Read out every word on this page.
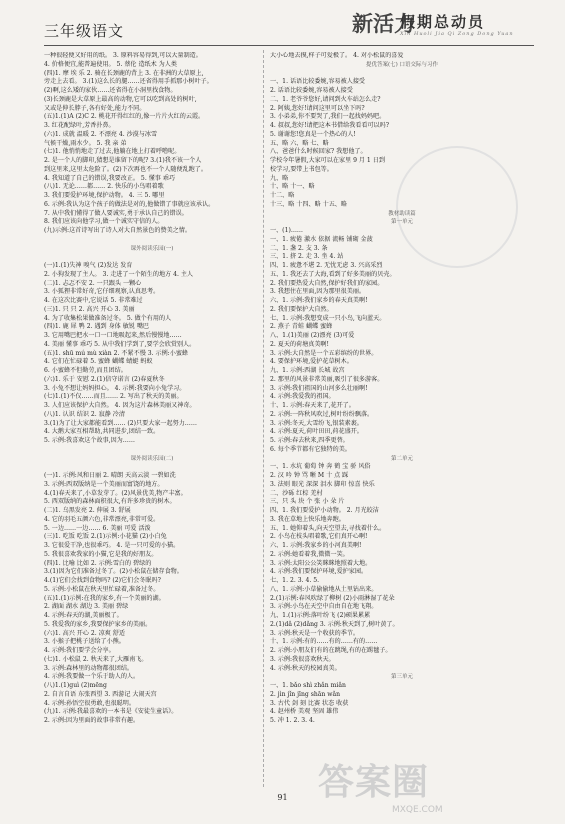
三年级语文	新活力
假期总动员
Xin Huoli Jia Qi Zong Dong Yuan
一种很轻便又好用的纸。 3. 原料容易得到,可以大量制造。
4. 价格便宜,能普遍使用。 5. 蔡伦 造纸术 为人类
(四)1. 摩 埃 乐 2. 骑在长颈鹿的背上 3. 在非洲的大草原上,
旁走上去看。 3.(1)这么长的腿……还省得用手抓那小树叶子。
(2)啊,这么矮的家伙……还省得在小洞里找食物。
(3)长颈鹿是大草原上最高的动物,它可以吃到高处的树叶,
又或是伸长脖子,各有好处,能力不同。
(五)1.(1)A (2)C 2. 桃花开得红红的,像一片片火红的云霞。
3. 红花配绿叶,芳香扑鼻。
(六)1. 成就 温暖 2. 不漂亮 4. 沙漠与冰雪
气候干燥,雨水少。 5. 我 亲 弟
(七)1. 他悄悄地走了过去,他躺在地上打着呼噜呢。
2. 是一个人的脚印,猜想是谁留下的呢? 3.(1)我不该一个人
到这里来,这里太危险了。(2)下次再也不一个人随便乱跑了。
4. 我知道了自己的错误,我要改正。 5. 懂事 乖巧
(八)1. 无论……都…… 2. 快乐的小鸟唱着歌
3. 我们要爱护环境,保护动物。 4. 三 5. 哪里
6. 示例:我认为这个孩子的做法是对的,他做错了事就应该承认。
7. 从中我们懂得了做人要诚实,勇于承认自己的错误。
8. 我们应该向他学习,做一个诚实守信的人。
(九)示例:这首诗写出了诗人对大自然景色的赞美之情。
课外阅读乐园(一)
(一)1.(1)失神 嗅气 (2)发达 发育
2. 小狗发现了主人。 3. 走进了一个陌生的地方 4. 主人
(二)1. 忐忑不安 2. 一只跟头 一颗心
3. 小狐狸非常好奇,它仔细观察,认真思考。
4. 在这次比赛中,它说话 5. 非常难过
(三)1. 只 只 2. 高兴 开心 3. 美丽
4. 为了收集松果做准备过冬。 5. 做个有用的人
(四)1. 鹿 犀 鸭 2. 遇到 身体 敏锐 嘴巴
3. 它用嘴巴把水一口一口地吸起来,然后慢慢地……
4. 美丽 懂事 乖巧 5. 从中我们学到了,要学会欣赏别人。
(五)1. shū mú mù xiàn 2. 不紧不慢 3. 示例:小蜜蜂
4. 它们在忙碌着 5. 蜜蜂 蝴蝶 蜻蜓 蚂蚁
6. 小蜜蜂不但勤劳,而且团结。
(六)1. 乐于 安慰 2.(1)信守诺言 (2)春夏秋冬
3. 小兔不想让妈妈担心。 4. 示例:我要向小兔学习。
(七)1.(1)不仅……而且…… 2. 写出了秋天的美丽。
3. 人们应该保护大自然。 4. 因为这片森林美丽又神奇。
(八)1. 认识 结识 2. 寂静 冷清
3.(1)为了让大家都能看到…… (2)只要大家一起努力……
4. 大鹅大家互相帮助,共同进步,团结一致。
5. 示例:我喜欢这个故事,因为……
课外阅读乐园(二)
(一)1. 示例:风和日丽 2. 晴朗 天高云淡 一碧如洗
3. 示例:西双版纳是一个美丽而富饶的地方。
4.(1)春天来了,小草发芽了。(2)风景优美,物产丰富。
5. 西双版纳的森林面积很大,有许多珍贵的树木。
(二)1. 乌黑发亮 2. 伸展 3. 舒展
4. 它的羽毛五颜六色,非常漂亮,非常可爱。
5. 一边……一边…… 6. 美丽 可爱 活泼
(三)1. 吃饭 吃饭 2.(1)示例:小花猫 (2)小白兔
3. 它很爱干净,也很乖巧。 4. 是一只可爱的小猫。
5. 我很喜欢我家的小猫,它是我的好朋友。
(四)1. 比喻 比如 2. 示例:雪白的 碧绿的
3.(1)因为它们准备过冬了。(2)小松鼠在储存食物。
4.(1)它们会找到食物吗? (2)它们会冬眠吗?
5. 示例:小松鼠在秋天里忙碌着,准备过冬。
(五)1.(1)示例:在我的家乡,有一个美丽的湖。
2. 湖面 湖水 湖边 3. 美丽 碧绿
4. 示例:春天的湖,美丽极了。
5. 我爱我的家乡,我要保护家乡的美丽。
(六)1. 高兴 开心 2. 凉爽 舒适
3. 小猴子把桃子送给了小熊。
4. 示例:我们要学会分享。
(七)1. 小松鼠 2. 秋天来了,大雁南飞。
3. 示例:森林里的动物都很团结。
4. 示例:我要做一个乐于助人的人。
(八)1.(1)guì (2)mēng
2. 自言自语 东张西望 3. 西游记 大闹天宫
4. 示例:孙悟空很勇敢,也很聪明。
(九)1. 示例:我最喜欢的一本书是《安徒生童话》。
2. 示例:因为里面的故事非常有趣。
大小心地去摸,样子可爱极了。 4. 对小松鼠的喜爱
提优答案(七) 口语交际与习作
一、1. 话语比较委婉,容易被人接受
2. 话语比较委婉,容易被人接受
二、1. 老爷爷您好,请问到火车站怎么走?
2. 阿姨,您好!请问这里可以坐下吗?
3. 小弟弟,你不要哭了,我们一起找妈妈吧。
4. 叔叔,您好!请把这本书借给我看看可以吗?
5. 谢谢您!您真是一个热心的人!
五、略 六、略 七、略
八、爸爸什么时候回家? 我想他了。
学校今年暑假,大家可以在家里 9 月 1 日到
校学习,要带上书包等。
九、略
十、略 十一、略
十二、略
十三、略 十四、略 十五、略
教材助读篇
第一单元
一、(1)……
一、1. 疲倦 激水 依据 流畅 铺砌 金菠
二、1. 盏 2. 支 3. 条
三、1. 挤 2. 走 3. 坐 4. 站
四、1. 疲惫不堪 2. 无忧无虑 3. 兴高采烈
五、1. 我还去了大海,看到了好多美丽的贝壳。
2. 我们要热爱大自然,保护好我们的家园。
3. 我想住在里面,因为那里很美丽。
六、1. 示例:我们家乡的春天真美啊!
2. 我们要保护大自然。
七、1. 示例:我想变成一只小鸟,飞向蓝天。
2. 燕子 青蛙 蝴蝶 蜜蜂
八、1.(1)美丽 (2)漂亮 (3)可爱
2. 夏天的荷塘真美啊!
3. 示例:大自然是一个五彩缤纷的世界。
4. 要保护环境,爱护花草树木。
九、1. 示例:西湖 长城 故宫
2. 那里的风景非常美丽,吸引了很多游客。
3. 示例:我们祖国的山河多么壮丽啊!
4. 示例:我爱我的祖国。
十、1. 示例:春天来了,花开了。
2. 示例:一阵秋风吹过,树叶纷纷飘落。
3. 示例:冬天,大雪纷飞,银装素裹。
4. 示例:夏天,荷叶田田,荷花盛开。
5. 示例:春去秋来,四季更替。
6. 每个季节都有它独特的美。
第二单元
一、1. 水坑 葡萄 钟 奔 鹤 宝 骄 风俗
2. 汉 吟 钟 骂 晰 M 十 点 踩
3. 法则 眼光 深深 泪水 脚印 惊喜 快乐
二、沙砾 红棕 羌村
三、只 头 块 个 张 小 朵 片
四、1. 我们要爱护小动物。 2. 月光皎洁
3. 我在草地上快乐地奔跑。
五、1. 她仰着头,向天空望去,寻找着什么。
2. 小鸟在枝头唱着歌,它们真开心啊!
六、1. 示例:我家乡的小河真美啊!
2. 示例:她看着我,微微一笑。
3. 示例:太阳公公笑眯眯地照着大地。
4. 示例:我们要保护环境,爱护家园。
七、1. 2. 3. 4. 5.
八、1. 示例:小草偷偷地从土里钻出来。
2.(1)示例:春风吹绿了柳树 (2)小雨淋湿了花朵
3. 示例:小鸟在天空中自由自在地飞翔。
九、1.(1)示例:落叶纷飞 (2)硕果累累
2.(1)dǎ (2)dǎng 3. 示例:秋天到了,树叶黄了。
3. 示例:秋天是一个收获的季节。
十、1. 示例:有的……有的……有的……
2. 示例:小朋友们有的在跳绳,有的在踢毽子。
3. 示例:我很喜欢秋天。
4. 示例:秋天的校园真美。
第三单元
一、1. bǎo shì zhǎn miǎn
2. jìn jǐn jīng shān wǎn
3. 古代 剑 刻 比赛 状态 收获
4. 赵州桥 美观 坚固 雄伟
5. 冲 1. 2. 3. 4.
91 答案圈
MXQE.COM
